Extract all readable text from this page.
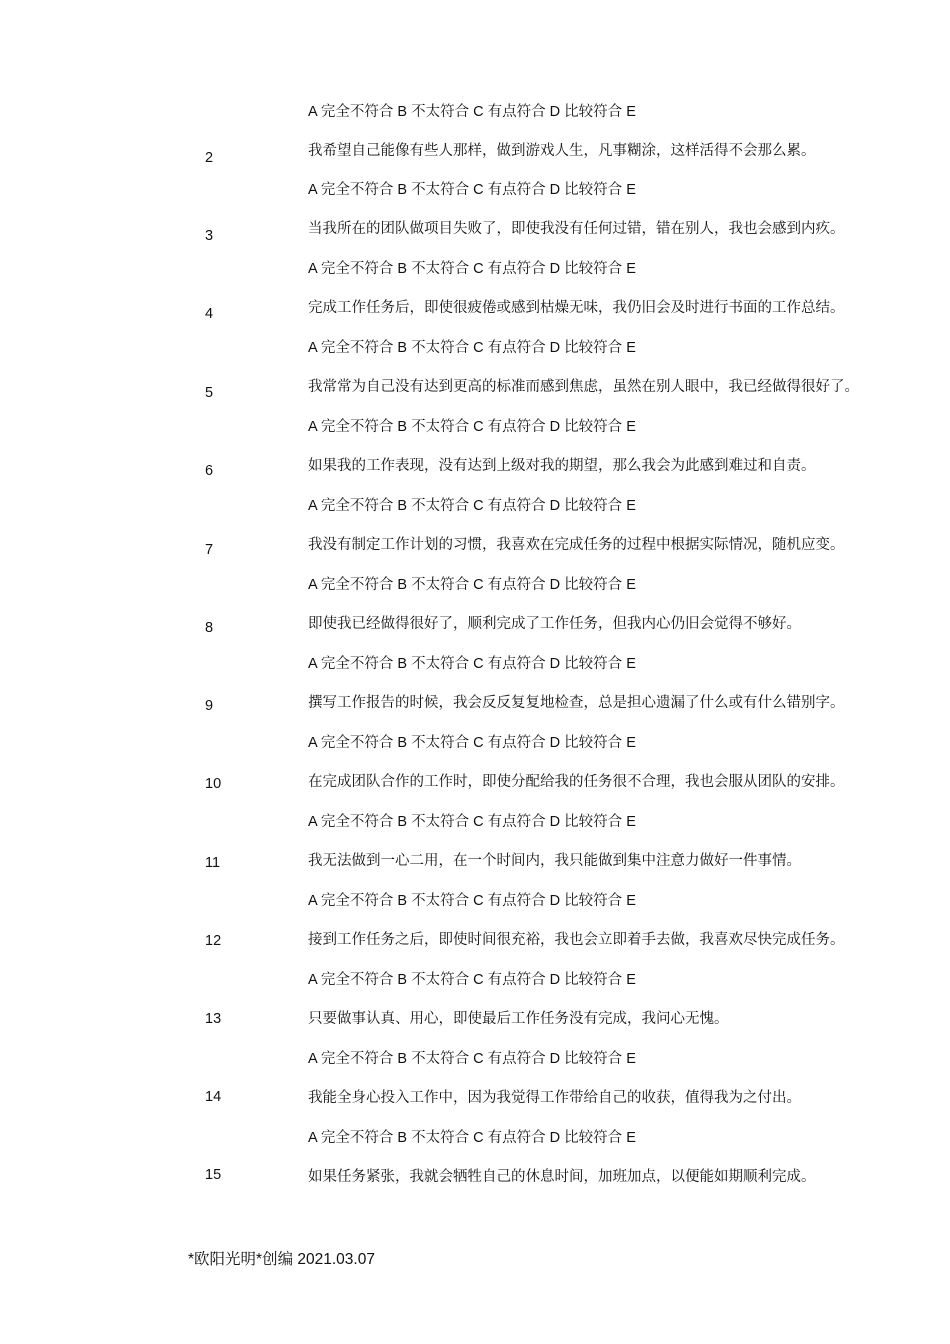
A 完全不符合 B 不太符合 C 有点符合 D 比较符合 E
2	我希望自己能像有些人那样，做到游戏人生，凡事糊涂，这样活得不会那么累。
A 完全不符合 B 不太符合 C 有点符合 D 比较符合 E
3	当我所在的团队做项目失败了，即使我没有任何过错，错在别人，我也会感到内疚。
A 完全不符合 B 不太符合 C 有点符合 D 比较符合 E
4	完成工作任务后，即使很疲倦或感到枯燥无味，我仍旧会及时进行书面的工作总结。
A 完全不符合 B 不太符合 C 有点符合 D 比较符合 E
5	我常常为自己没有达到更高的标准而感到焦虑，虽然在别人眼中，我已经做得很好了。
A 完全不符合 B 不太符合 C 有点符合 D 比较符合 E
6	如果我的工作表现，没有达到上级对我的期望，那么我会为此感到难过和自责。
A 完全不符合 B 不太符合 C 有点符合 D 比较符合 E
7	我没有制定工作计划的习惯，我喜欢在完成任务的过程中根据实际情况，随机应变。
A 完全不符合 B 不太符合 C 有点符合 D 比较符合 E
8	即使我已经做得很好了，顺利完成了工作任务，但我内心仍旧会觉得不够好。
A 完全不符合 B 不太符合 C 有点符合 D 比较符合 E
9	撰写工作报告的时候，我会反反复复地检查，总是担心遗漏了什么或有什么错别字。
A 完全不符合 B 不太符合 C 有点符合 D 比较符合 E
10	在完成团队合作的工作时，即使分配给我的任务很不合理，我也会服从团队的安排。
A 完全不符合 B 不太符合 C 有点符合 D 比较符合 E
11	我无法做到一心二用，在一个时间内，我只能做到集中注意力做好一件事情。
A 完全不符合 B 不太符合 C 有点符合 D 比较符合 E
12	接到工作任务之后，即使时间很充裕，我也会立即着手去做，我喜欢尽快完成任务。
A 完全不符合 B 不太符合 C 有点符合 D 比较符合 E
13	只要做事认真、用心，即使最后工作任务没有完成，我问心无愧。
A 完全不符合 B 不太符合 C 有点符合 D 比较符合 E
14	我能全身心投入工作中，因为我觉得工作带给自己的收获，值得我为之付出。
A 完全不符合 B 不太符合 C 有点符合 D 比较符合 E
15	如果任务紧张，我就会牺牲自己的休息时间，加班加点，以便能如期顺利完成。
*欧阳光明*创编 2021.03.07
